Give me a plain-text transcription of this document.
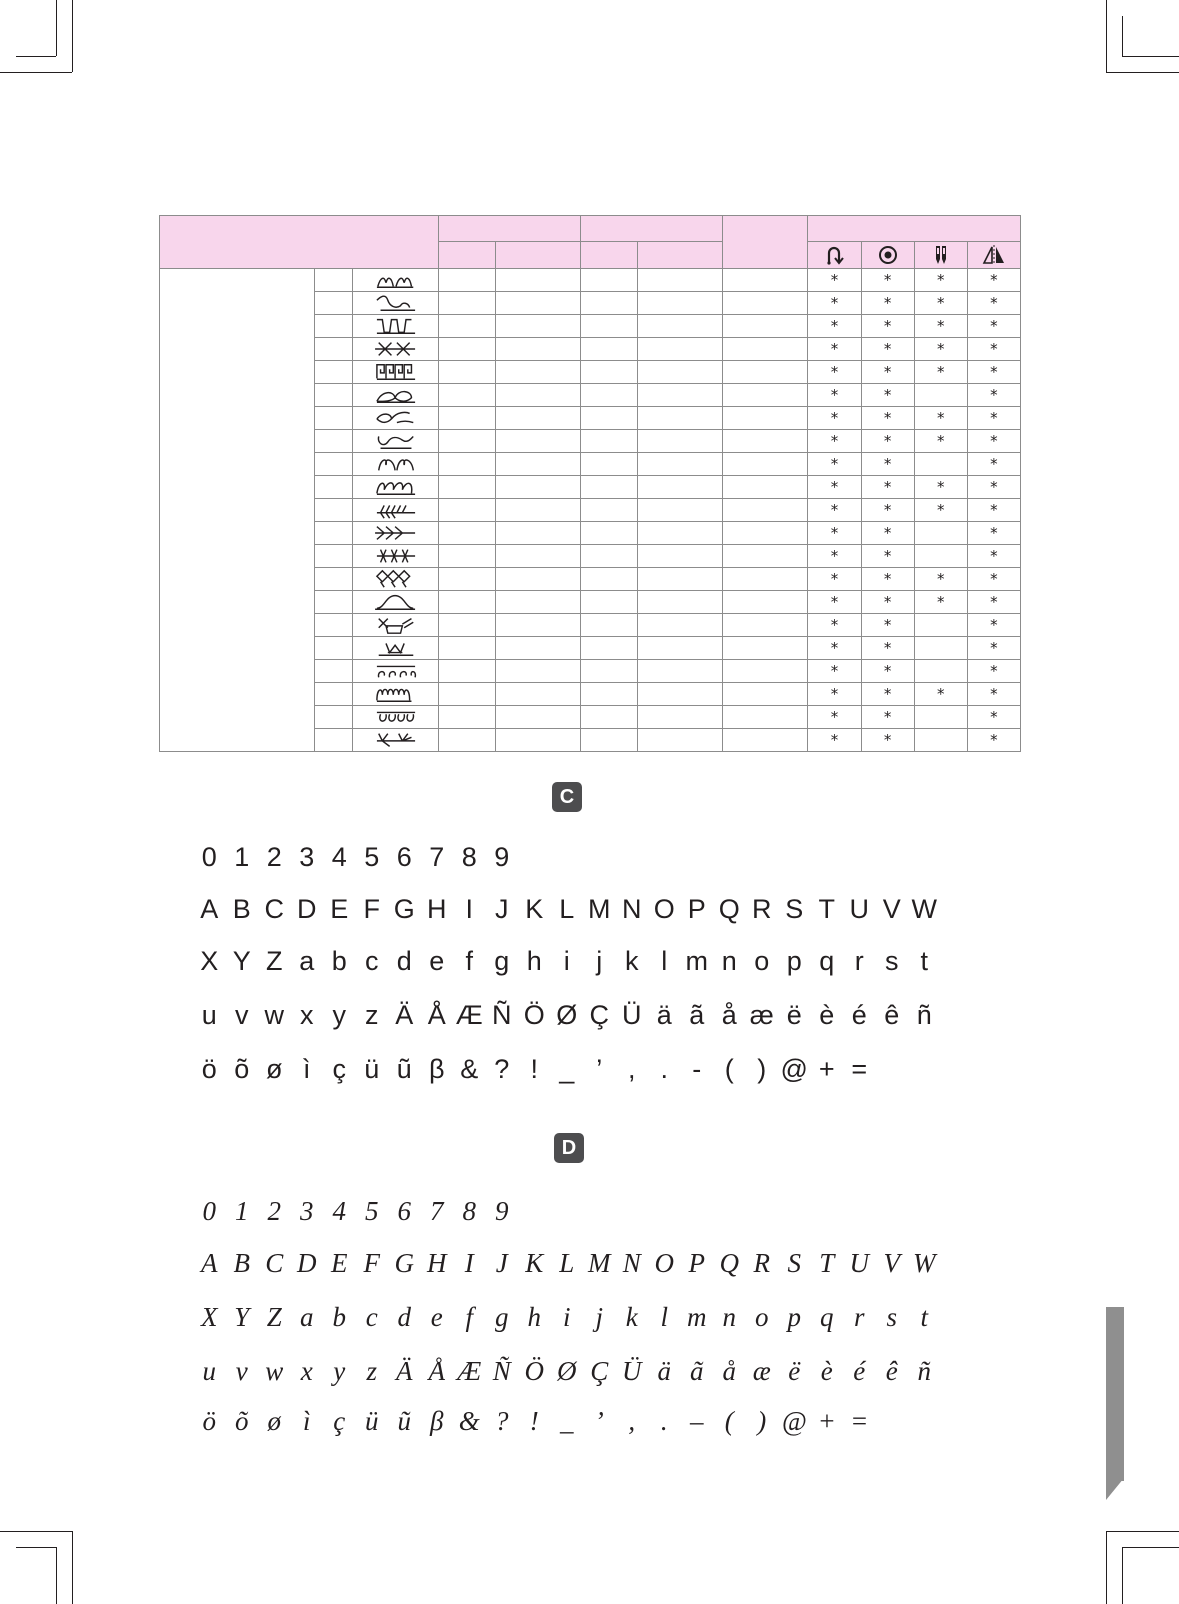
						*	*	*	*

						*	*	*	*

						*	*	*	*

						*	*	*	*

						*	*	*	*

						*	*		*

						*	*	*	*

						*	*	*	*

						*	*		*

						*	*	*	*

						*	*	*	*

						*	*		*

						*	*		*

						*	*	*	*

						*	*	*	*

						*	*		*

						*	*		*

						*	*		*

						*	*	*	*

						*	*		*

						*	*		*
C
0 1 2 3 4 5 6 7 8 9
A B C D E F G H I J K L M N O P Q R S T U V W
X Y Z a b c d e f g h i j k l m n o p q r s t
u v w x y z Ä Å Æ Ñ Ö Ø Ç Ü ä ã å æ ë è é ê ñ
ö õ ø ì ç ü ũ β & ? ! _ ’ , . - ( ) @ + =
D
0 1 2 3 4 5 6 7 8 9
A B C D E F G H I J K L M N O P Q R S T U V W
X Y Z a b c d e f g h i j k l m n o p q r s t
u v w x y z Ä Å Æ Ñ Ö Ø Ç Ü ä ã å æ ë è é ê ñ
ö õ ø ì ç ü ũ β & ? ! _ ’ , . – ( ) @ + =
